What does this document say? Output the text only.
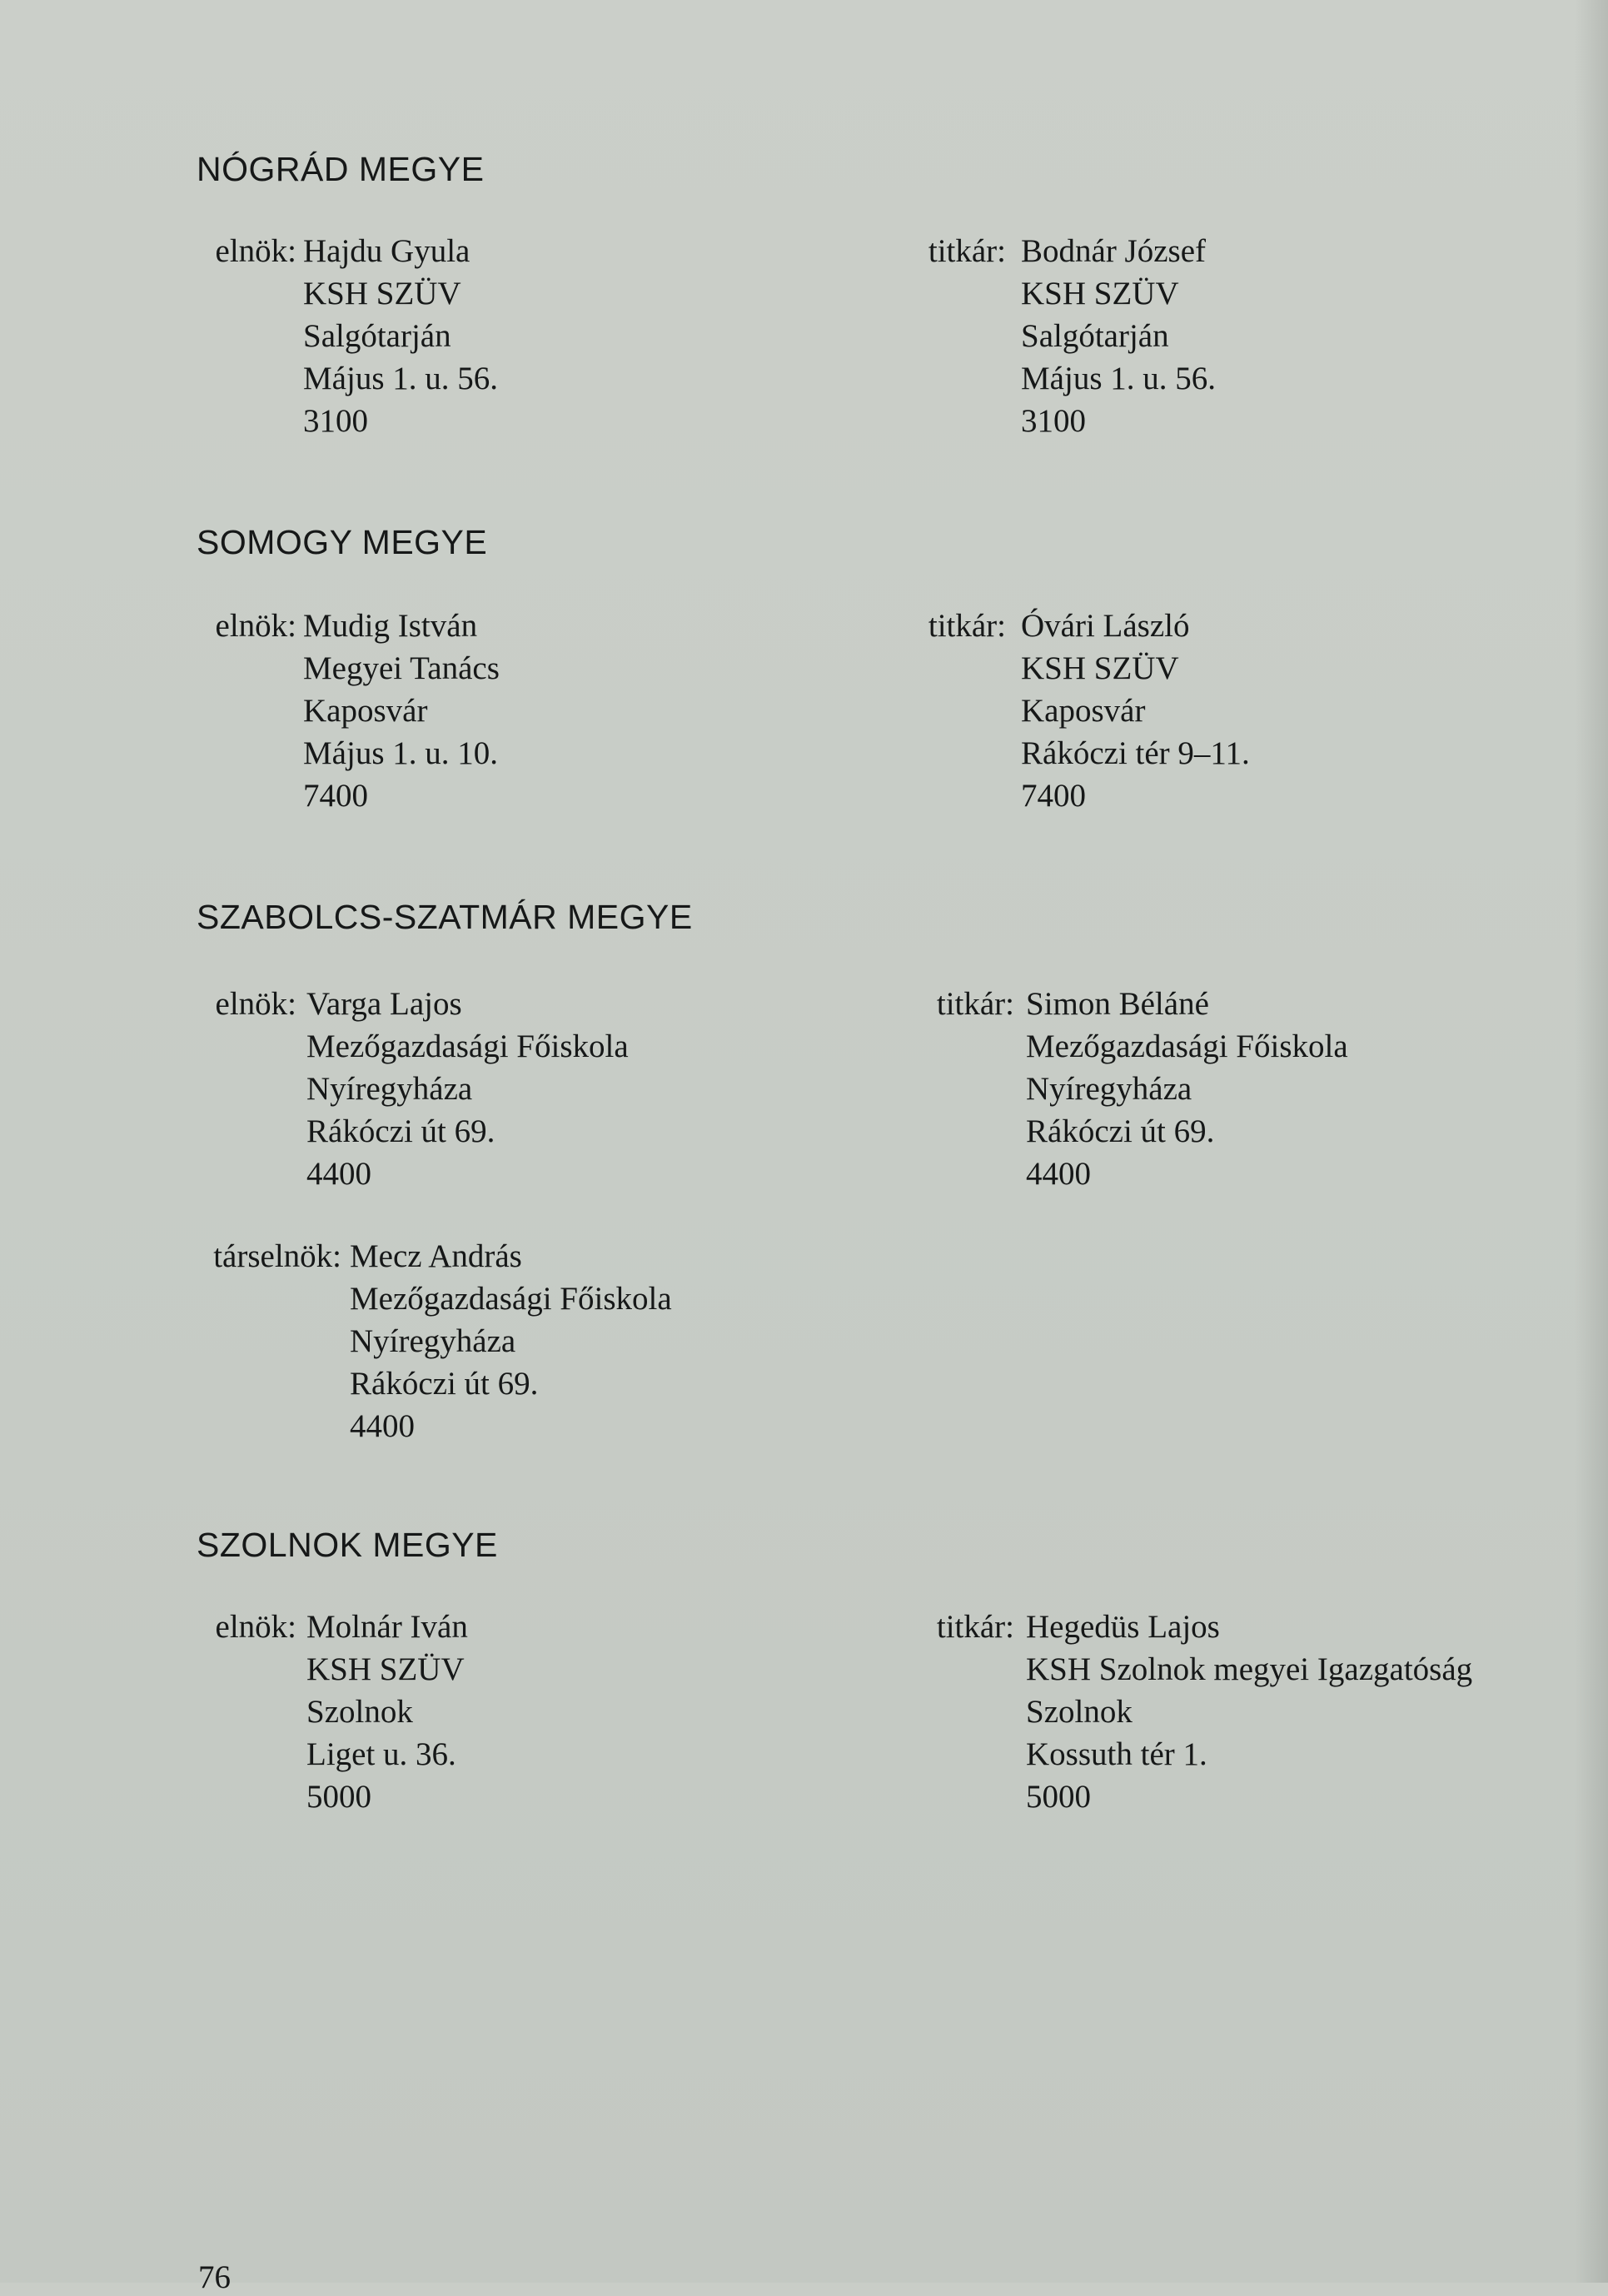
NÓGRÁD MEGYE
elnök: Hajdu Gyula
KSH SZÜV
Salgótarján
Május 1. u. 56.
3100
titkár: Bodnár József
KSH SZÜV
Salgótarján
Május 1. u. 56.
3100
SOMOGY MEGYE
elnök: Mudig István
Megyei Tanács
Kaposvár
Május 1. u. 10.
7400
titkár: Óvári László
KSH SZÜV
Kaposvár
Rákóczi tér 9–11.
7400
SZABOLCS-SZATMÁR MEGYE
elnök: Varga Lajos
Mezőgazdasági Főiskola
Nyíregyháza
Rákóczi út 69.
4400
titkár: Simon Béláné
Mezőgazdasági Főiskola
Nyíregyháza
Rákóczi út 69.
4400
társelnök: Mecz András
Mezőgazdasági Főiskola
Nyíregyháza
Rákóczi út 69.
4400
SZOLNOK MEGYE
elnök: Molnár Iván
KSH SZÜV
Szolnok
Liget u. 36.
5000
titkár: Hegedüs Lajos
KSH Szolnok megyei Igazgatóság
Szolnok
Kossuth tér 1.
5000
76
